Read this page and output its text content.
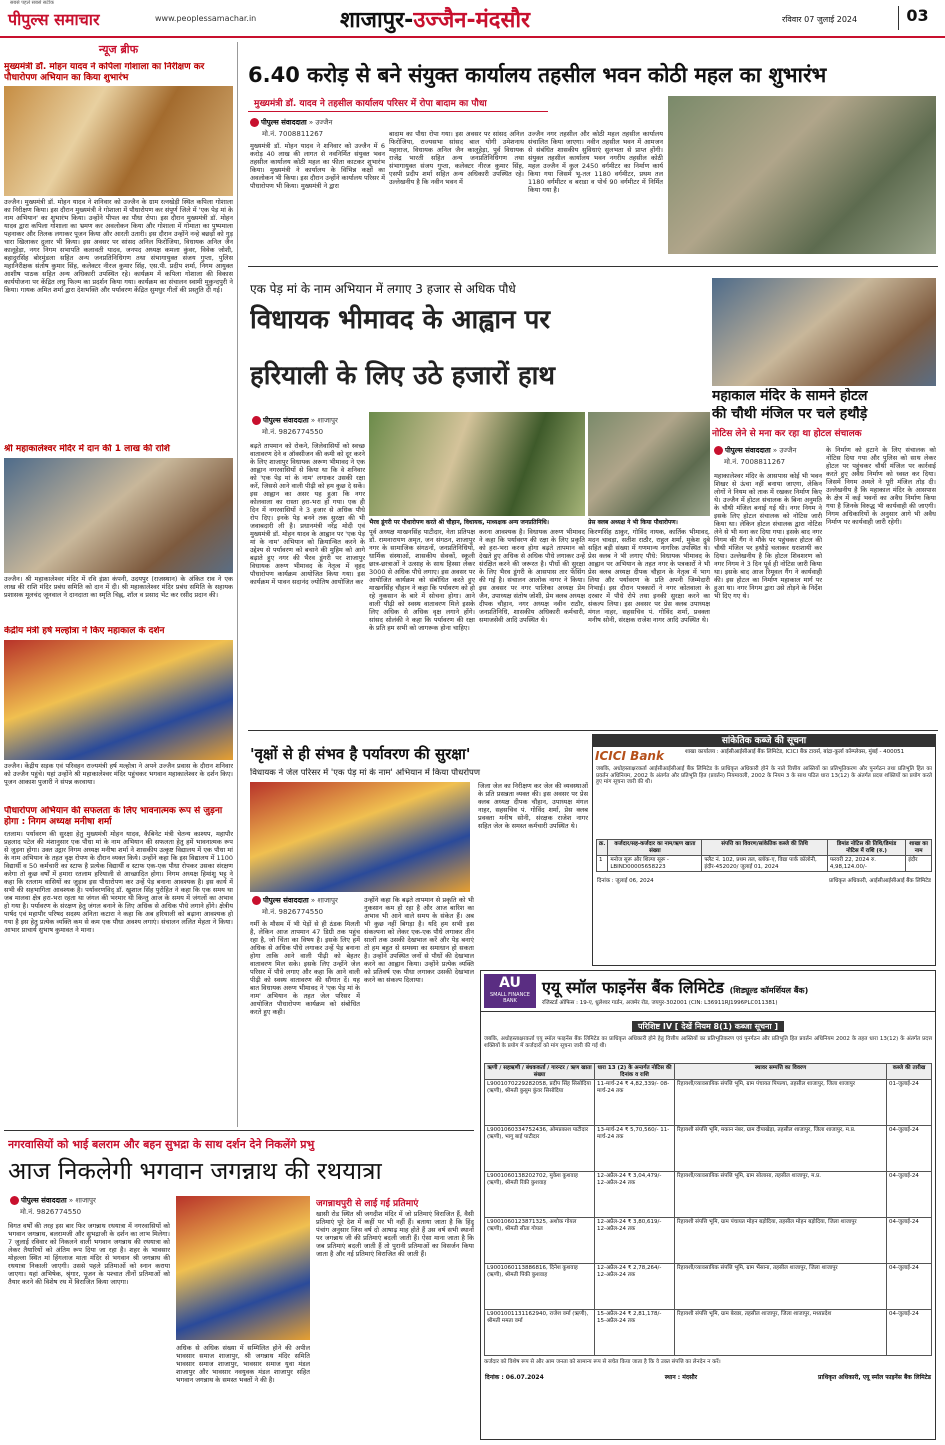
पीपुल्स समाचार
सबसे पहले सबसे सटीक
www.peoplessamachar.in	शाजापुर-उज्जैन-मंदसौर	रविवार 07 जुलाई 2024	03
न्यूज ब्रीफ
मुख्यमंत्री डॉ. मोहन यादव ने कपिला गोशाला का निरीक्षण कर पौधारोपण अभियान का किया शुभारंभ
उज्जैन। मुख्यमंत्री डॉ. मोहन यादव ने शनिवार को उज्जैन के ग्राम रत्नखेड़ी स्थित कपिला गोशाला का निरीक्षण किया। इस दौरान मुख्यमंत्री ने गोशाला में पौधारोपण कर संपूर्ण जिले में 'एक पेड़ मां के नाम अभियान' का शुभारंभ किया। उन्होंने पीपल का पौधा रोपा। इस दौरान मुख्यमंत्री डॉ. मोहन यादव द्वारा कपिला गोशाला का भ्रमण कर अवलोकन किया और गोशाला में गोमाता का पुष्पमाला पहनाकर और तिलक लगाकर पूजन किया और आरती उतारी। इस दौरान उन्होंने नन्हे बछड़ों को गुड़ चारा खिलाकर दुलार भी किया। इस अवसर पर सांसद अनिल फिरोजिया, विधायक अनिल जैन कालूहेड़ा, नगर निगम सभापति कलावती यादव, जनपद अध्यक्ष कमला कुंवर, विवेक जोशी, बहादुरसिंह बोरमुंडला सहित अन्य जनप्रतिनिधिगण तथा संभागायुक्त संजय गुप्ता, पुलिस महानिरीक्षक संतोष कुमार सिंह, कलेक्टर नीरज कुमार सिंह, एस.पी. प्रदीप शर्मा, निगम आयुक्त आशीष पाठक सहित अन्य अधिकारी उपस्थित रहे। कार्यक्रम में कपिला गोशाला की विकास कार्ययोजना पर केंद्रित लघु फिल्म का प्रदर्शन किया गया। कार्यक्रम का संचालन स्वामी मुकुन्दपुरी ने किया। गायक अमित शर्मा द्वारा देशभक्ति और पर्यावरण केंद्रित सुमधुर गीतों की प्रस्तुति दी गई।
श्री महाकालेश्वर मंदिर में दान की 1 लाख की राशि
उज्जैन। श्री महाकालेश्वर मंदिर में रवि इंफ्रा कंपनी, उदयपुर (राजस्थान) के अंकित राव ने एक लाख की राशि मंदिर प्रबंध समिति को दान में दी। श्री महाकालेश्वर मंदिर प्रबंध समिति के सहायक प्रशासक मूलचंद जूनवाल ने दानदाता का स्मृति चिह्न, शॉल व प्रसाद भेंट कर रसीद प्रदान की।
केंद्रीय मंत्री हर्ष मल्होत्रा ने किए महाकाल के दर्शन
उज्जैन। केंद्रीय सड़क एवं परिवहन राज्यमंत्री हर्ष मल्होत्रा ने अपने उज्जैन प्रवास के दौरान शनिवार को उज्जैन पहुंचे। यहां उन्होंने श्री महाकालेश्वर मंदिर पहुंचकर भगवान महाकालेश्वर के दर्शन किए। पूजन आकाश पुजारी ने संपन्न करवाया।
पौधारोपण अभियान की सफलता के लिए भावनात्मक रूप से जुड़ना होगा : निगम अध्यक्ष मनीषा शर्मा
रतलाम। पर्यावरण की सुरक्षा हेतु मुख्यमंत्री मोहन यादव, कैबिनेट मंत्री चेतन्य काश्यप, महापौर प्रहलाद पटेल की मंशानुसार एक पौधा मां के नाम अभियान की सफलता हेतु हमें भावनात्मक रूप से जुड़ना होगा। उक्त उद्गार निगम अध्यक्ष मनीषा शर्मा ने शासकीय उत्कृष्ट विद्यालय में एक पौधा मां के नाम अभियान के तहत वृक्ष रोपण के दौरान व्यक्त किये। उन्होंने कहा कि इस विद्यालय में 1100 विद्यार्थी व 50 कर्मचारी का स्टाफ है प्रत्येक विद्यार्थी व स्टाफ एक-एक पौधा रोपकर उसका संरक्षण करेगा तो कुछ वर्षों में हमारा रतलाम हरियाली से आच्छादित होगा। निगम अध्यक्ष हिमांशु भट्ट ने कहा कि रतलाम वासियों का जुड़ाव इस पौधारोपण कर उन्हें पेड़ बनाना आवश्यक है। इस कार्य में सभी की सहभागिता आवश्यक है। पर्यावरणविद् डॉ. खुशाल सिंह पुरोहित ने कहा कि एक समय था जब मालवा क्षेत्र हरा-भरा रहता था जंगल की भरमार थी किन्तु आज के समय में जंगलों का अभाव हो गया है। पर्यावरण के संरक्षण हेतु जंगल बनाने के लिए अधिक से अधिक पौधे लगाने होंगे। क्षेत्रीय पार्षद एवं महापौर परिषद सदस्य अनिता कटारा ने कहा कि अब हरियाली को बढ़ाना आवश्यक हो गया है इस हेतु प्रत्येक व्यक्ति कम से कम एक पौधा अवश्य लगाएं। संचालन ललित मेहता ने किया। आभार प्राचार्य सुभाष कुमावत ने माना।
6.40 करोड़ से बने संयुक्त कार्यालय तहसील भवन कोठी महल का शुभारंभ
मुख्यमंत्री डॉ. यादव ने तहसील कार्यालय परिसर में रोपा बादाम का पौधा
पीपुल्स संवाददाता » उज्जैन
मो.नं. 7008811267
मुख्यमंत्री डॉ. मोहन यादव ने शनिवार को उज्जैन में 6 करोड़ 40 लाख की लागत से नवनिर्मित संयुक्त भवन तहसील कार्यालय कोठी महल का फीता काटकर शुभारंभ किया। मुख्यमंत्री ने कार्यालय के विभिन्न कक्षों का अवलोकन भी किया। इस दौरान उन्होंने कार्यालय परिसर में पौधारोपण भी किया। मुख्यमंत्री ने द्वारा
बादाम का पौधा रोपा गया। इस अवसर पर सांसद अनिल फिरोजिया, राज्यसभा सांसद बाल योगी उमेशनाथ महाराज, विधायक अनिल जैन कालूहेड़ा, पूर्व विधायक राजेंद्र भारती सहित अन्य जनप्रतिनिधिगण तथा संभागायुक्त संजय गुप्ता, कलेक्टर नीरज कुमार सिंह, एसपी प्रदीप शर्मा सहित अन्य अधिकारी उपस्थित रहे। उल्लेखनीय है कि नवीन भवन में
उज्जैन नगर तहसील और कोठी महल तहसील कार्यालय संचालित किया जाएगा। नवीन तहसील भवन में आमजन से संबंधित शासकीय सुविधाएं सुलभता से प्राप्त होंगी। संयुक्त तहसील कार्यालय भवन नगरीय तहसील कोठी महल उज्जैन में कुल 2450 वर्गमीटर का निर्माण कार्य किया गया जिसमें भू-तल 1180 वर्गमीटर, प्रथम तल 1180 वर्गमीटर व बराडा व पोर्च 90 वर्गमीटर में निर्मित किया गया है।
एक पेड़ मां के नाम अभियान में लगाए 3 हजार से अधिक पौधे
विधायक भीमावद के आह्वान पर
हरियाली के लिए उठे हजारों हाथ
पीपुल्स संवाददाता » शाजापुर
मो.नं. 9826774550
बढ़ते तापमान को रोकने, जिलेवासियों को स्वच्छ वातावरण देने व ऑक्सीजन की कमी को दूर करने के लिए शाजापुर विधायक अरूण भीमावद ने एक आह्वान नगरवासियों से किया था कि वे शनिवार को 'एक पेड़ मां के नाम' लगाकर उसकी रक्षा करें, जिससे आने वाली पीढ़ी को हम कुछ दे सकें। इस आह्वान का असर यह हुआ कि नगर कोलवाला का रास्ता हरा-भरा हो गया। एक ही दिन में नगरवासियों ने 3 हजार से अधिक पौधे रोप दिए। इनके पेड़ बनने तक सुरक्षा की भी जवाबदारी ली है। प्रधानमंत्री नरेंद्र मोदी एवं मुख्यमंत्री डॉ. मोहन यादव के आह्वान पर 'एक पेड़ मां के नाम' अभियान को क्रियान्वित करने के उद्देश्य से पर्यावरण को बचाने की मुहिम को आगे बढ़ाते हुए नगर की भैरव डूंगरी पर शाजापुर विधायक अरुण भीमावद के नेतृत्व में वृहद पौधारोपण कार्यक्रम आयोजित किया गया। इस कार्यक्रम में पावन सदानंद ज्योतिष आयोजित कर
भैरव डूंगरी पर पौधारोपण करते श्री चौहान, विधायक, माध्यक्षक अन्य जनप्रतिनिधि।	प्रेस क्लब अध्यक्ष ने भी किया पौधारोपण।
पूर्व अध्यक्ष माखनसिंह पाटीदार, नेता प्रतिपक्ष डॉ. रामनारायण अमृत, जन संगठन, शाजापुर नगर के सामाजिक संगठनों, जनप्रतिनिधियों, धार्मिक संस्थाओं, शासकीय सेवकों, स्कूली छात्र-छात्राओं ने उत्साह के साथ हिस्सा लेकर 3000 से अधिक पौधे लगाए। इस अवसर पर आयोजित कार्यक्रम को संबोधित करते हुए माखनसिंह चौहान ने कहा कि पर्यावरण को हो रहे नुकसान के बारे में सोचना होगा। आने वाली पीढ़ी को स्वस्थ वातावरण मिले इसके लिए अधिक से अधिक वृक्ष लगाने होंगे। सांसद सोलंकी ने कहा कि पर्यावरण की रक्षा के प्रति हम सभी को जागरूक होना चाहिए।
करना आवश्यक है। विधायक अरुण भीमावद ने कहा कि पर्यावरण की रक्षा के लिए प्रकृति को हरा-भरा करना होगा बढ़ते तापमान को देखते हुए अधिक से अधिक पौधे लगाकर उन्हें संरक्षित करने की जरूरत है। पौधों की सुरक्षा के लिए भैरव डूंगरी के आसपास तार फेंसिंग की गई है। संचालन आलोक नागर ने किया। इस अवसर पर नगर पालिका अध्यक्ष प्रेम जैन, उपाध्यक्ष संतोष जोशी, प्रेम क्लब अध्यक्ष दीपक चौहान, नगर अध्यक्ष नवीन राठौर, जनप्रतिनिधि, शासकीय अधिकारी कर्मचारी, समाजसेवी आदि उपस्थित थे।
किरणसिंह ठाकुर, गोविंद नायक, कार्तिक भीमावद, मदन चावड़ा, सतीश राठौर, राहुल शर्मा, मुकेश दुबे सहित बड़ी संख्या में गणमान्य नागरिक उपस्थित थे। प्रेस क्लब ने भी लगाए पौधे: विधायक भीमावद के आह्वान पर अभियान के तहत नगर के पत्रकारों ने भी प्रेस क्लब अध्यक्ष दीपक चौहान के नेतृत्व में भाग लिया और पर्यावरण के प्रति अपनी जिम्मेदारी निभाई। इस दौरान पत्रकारों ने नगर कोतवाला के दरबार में पौधे रोपे तथा इनकी सुरक्षा करने का संकल्प लिया। इस अवसर पर प्रेस क्लब उपाध्यक्ष मंगल नाहर, सहसचिव पं. गोविंद शर्मा, प्रवक्ता मनीष सोनी, संरक्षक राजेश नागर आदि उपस्थित थे।
महाकाल मंदिर के सामने होटल
की चौथी मंजिल पर चले हथौड़े
नोटिस लेने से मना कर रहा था होटल संचालक
पीपुल्स संवाददाता » उज्जैन
मो.नं. 7008811267
महाकालेश्वर मंदिर के आसपास कोई भी भवन शिखर से ऊंचा नहीं बनाया जाएगा, लेकिन लोगों ने नियम को ताक में रखकर निर्माण किए थे। उज्जैन में होटल संचालक के बिना अनुमति के चौथी मंजिल बनाई गई थी। नगर निगम ने इसके लिए होटल संचालक को नोटिस जारी किया था। लेकिन होटल संचालक द्वारा नोटिस लेने से भी मना कर दिया गया। इसके बाद नगर निगम की गैंग ने मौके पर पहुंचकर होटल की चौथी मंजिल पर हथौड़े चलाकर धराशायी कर दिया। उल्लेखनीय है कि होटल शिवशरण को नगर निगम ने 3 दिन पूर्व ही नोटिस जारी किया था। इसके बाद आज रिमूवल गैंग ने कार्यवाही की। इस होटल का निर्माण महाकाल मार्ग पर हुआ था। नगर निगम द्वारा उसे तोड़ने के निर्देश भी दिए गए थे।
के निर्माण को हटाने के लिए संचालक को नोटिस दिया गया और पुलिस को साथ लेकर होटल पर पहुंचकर चौथी मंजिल पर कार्रवाई करते हुए अवैध निर्माण को ध्वस्त कर दिया। जिसमें निगम अमले ने पूरी मंजिल तोड़ दी। उल्लेखनीय है कि महाकाल मंदिर के आसपास के क्षेत्र में कई भवनों का अवैध निर्माण किया गया है जिनके विरुद्ध भी कार्यवाही की जाएगी। निगम अधिकारियों के अनुसार आगे भी अवैध निर्माण पर कार्यवाही जारी रहेगी।
'वृक्षों से ही संभव है पर्यावरण की सुरक्षा'
विधायक ने जेल परिसर में 'एक पेड़ मां के नाम' अभियान में किया पौधरोपण
पीपुल्स संवाददाता » शाजापुर
मो.नं. 9826774550
गर्मी के मौसम में भी पेड़ों से ही ठंडक मिलती है, लेकिन आज तापमान 47 डिग्री तक पहुंच रहा है, जो चिंता का विषय है। इसके लिए हमें अधिक से अधिक पौधे लगाकर उन्हें पेड़ बनाना होगा ताकि आने वाली पीढ़ी को बेहतर वातावरण मिल सके। इसके लिए उन्होंने जेल परिसर में पौधे लगाए और कहा कि आने वाली पीढ़ी को स्वस्थ वातावरण की सौगात दें। यह बात विधायक अरुण भीमावद ने 'एक पेड़ मां के नाम' अभियान के तहत जेल परिसर में आयोजित पौधारोपण कार्यक्रम को संबोधित करते हुए कही।
उन्होंने कहा कि बढ़ते तापमान से प्रकृति को भी नुकसान कम हो रहा है और आज बारिश का अभाव भी आने वाले समय के संकेत हैं। अब भी कुछ नहीं बिगड़ा है। यदि हम सभी इस संकल्पना को लेकर एक-एक पौधे लगाकर तीन सालों तक उसकी देखभाल करें और पेड़ बनाएं तो हम बहुत से समस्या का समाधान हो सकता है। उन्होंने उपस्थित जनों से पौधों की देखभाल करने का आह्वान किया। उन्होंने प्रत्येक व्यक्ति को प्रतिवर्ष एक पौधा लगाकर उसकी देखभाल करने का संकल्प दिलाया।
जिला जेल का निरीक्षण कर जेल की व्यवस्थाओं के प्रति प्रसन्नता व्यक्त की। इस अवसर पर प्रेस क्लब अध्यक्ष दीपक चौहान, उपाध्यक्ष मंगल नाहर, सहसचिव पं. गोविंद शर्मा, प्रेस क्लब प्रवक्ता मनीष सोनी, संरक्षक राजेश नागर सहित जेल के समस्त कर्मचारी उपस्थित थे।
सांकेतिक कब्जे की सूचना
ICICI Bank	शाखा कार्यालय : आईसीआईसीआई बैंक लिमिटेड, ICICI बैंक टावर्स, बांद्रा-कुर्ला कॉम्प्लेक्स, मुंबई - 400051
जबकि, अधोहस्ताक्षरकर्ता आईसीआईसीआई बैंक लिमिटेड के प्राधिकृत अधिकारी होने के नाते वित्तीय आस्तियों का प्रतिभूतिकरण और पुनर्गठन तथा प्रतिभूति हित का प्रवर्तन अधिनियम, 2002 के अंतर्गत और प्रतिभूति हित (प्रवर्तन) नियमावली, 2002 के नियम 3 के साथ पठित धारा 13(12) के अंतर्गत प्रदत्त शक्तियों का प्रयोग करते हुए मांग सूचना जारी की थी।
क्र.	कर्जदार/सह-कर्जदार का नाम/ऋण खाता संख्या	संपत्ति का विवरण/सांकेतिक कब्जे की तिथि	डिमांड नोटिस की तिथि/डिमांड नोटिस में राशि (रु.)	शाखा का नाम
1	मनोज सूरू और शिल्पा सूरू - LBIND00005658223	फ्लैट नं. 102, प्रथम तल, ब्लॉक-ए, विद्या पार्क कॉलोनी, इंदौर-452020/ जुलाई 01, 2024	फरवरी 22, 2024 रु. 4,98,124.00/-	इंदौर
दिनांक : जुलाई 06, 2024	प्राधिकृत अधिकारी, आईसीआईसीआई बैंक लिमिटेड
नगरवासियों को भाई बलराम और बहन सुभद्रा के साथ दर्शन देने निकलेंगे प्रभु
आज निकलेगी भगवान जगन्नाथ की रथयात्रा
पीपुल्स संवाददाता » शाजापुर
मो.नं. 9826774550
विगत वर्षों की तरह इस बार फिर जगन्नाथ रथयात्रा में नगरवासियों को भगवान जगन्नाथ, बलरामजी और सुभद्राजी के दर्शन का लाभ मिलेगा। 7 जुलाई रविवार को निकलने वाली भगवान जगन्नाथ की रथयात्रा को लेकर तैयारियों को अंतिम रूप दिया जा रहा है। शहर के भावसार मोहल्ला स्थित मां हिंगलाज माता मंदिर से भगवान श्री जगन्नाथ की रथयात्रा निकाली जाएगी। उससे पहले प्रतिमाओं को स्नान कराया जाएगा। यहां अभिषेक, श्रृंगार, पूजन के पश्चात तीनों प्रतिमाओं को तैयार करने की विशेष रथ में विराजित किया जाएगा।
अधिक से अधिक संख्या में सम्मिलित होने की अपील भावसार समाज शाजापुर, श्री जगन्नाथ मंदिर समिति भावसार समाज शाजापुर, भावसार समाज युवा मंडल शाजापुर और भावसार नवयुवक मंडल शाजापुर सहित भगवान जगन्नाथ के समस्त भक्तों ने की है।
जगन्नाथपुरी से लाई गई प्रतिमाएं
खासी रोड स्थित श्री जगदीश मंदिर में जो प्रतिमाएं विराजित हैं, वैसी प्रतिमाएं पूरे देश में कहीं पर भी नहीं हैं। बताया जाता है कि हिंदू पंचांग अनुसार जिस वर्ष दो आषाढ़ माह होते हैं उस वर्ष सभी स्थानों पर जगन्नाथ जी की प्रतिमाएं बदली जाती हैं। ऐसा माना जाता है कि जब प्रतिमाएं बदली जाती हैं तो पुरानी प्रतिमाओं का विसर्जन किया जाता है और नई प्रतिमाएं विराजित की जाती हैं।
AU
SMALL FINANCE BANK
एयू स्मॉल फाइनेंस बैंक लिमिटेड (शिड्यूल्ड कॉमर्शियल बैंक)
रजिस्टर्ड ऑफिस : 19-ए, धुलेश्वर गार्डन, अजमेर रोड, जयपुर-302001 (CIN: L36911RJ1996PLC011381)
परिशिष्ट IV [ देखें नियम 8(1) कब्जा सूचना ]
जबकि, अधोहस्ताक्षरकर्ता एयू स्मॉल फाइनेंस बैंक लिमिटेड का प्राधिकृत अधिकारी होने हेतु वित्तीय आस्तियों का प्रतिभूतिकरण एवं पुनर्गठन और प्रतिभूति हित प्रवर्तन अधिनियम 2002 के तहत धारा 13(12) के अंतर्गत प्रदत्त शक्तियों के प्रयोग में कर्जदारों को मांग सूचना जारी की गई थी।
ऋणी / सहऋणी / बंधककर्ता / गारन्टर / ऋण खाता संख्या	धारा 13 (2) के अन्तर्गत नोटिस की दिनांक व राशि	स्थावर सम्पत्ति का विवरण	कब्जे की तारीख
L9001070229282058, प्रदीप सिंह सिसोदिया (ऋणी), श्रीमती कुसुम कुंवर सिसोदिया	11-मार्च-24 ₹ 4,82,339/- 08-मार्च-24 तक	रिहायशी/व्यावसायिक संपत्ति भूमि, ग्राम पंचायत पिपल्या, तहसील शाजापुर, जिला शाजापुर	01-जुलाई-24
L9001060334752436, ओमप्रकाश पाटीदार (ऋणी), भागु बाई पाटीदार	13-मार्च-24 ₹ 5,70,560/- 11-मार्च-24 तक	रिहायशी संपत्ति भूमि, मकान नंबर, ग्राम दीपाखेड़ा, तहसील शाजापुर, जिला शाजापुर, म.प्र.	04-जुलाई-24
L9001060138202702, मुकेश कुशवाह (ऋणी), श्रीमती रिंकी कुशवाह	12-अप्रैल-24 ₹ 3,04,479/- 12-अप्रैल-24 तक	रिहायशी/व्यावसायिक संपत्ति भूमि, ग्राम सोलासा, तहसील शाजापुर, म.प्र.	04-जुलाई-24
L9001060123871325, अशोक गोयल (ऋणी), श्रीमती सीता गोयल	12-अप्रैल-24 ₹ 3,80,619/- 12-अप्रैल-24 तक	रिहायशी संपत्ति भूमि, ग्राम पंचायत मोहन बड़ोदिया, तहसील मोहन बड़ोदिया, जिला शाजापुर	04-जुलाई-24
L9001060113886816, दिनेश कुशवाह (ऋणी), श्रीमती पिंकी कुशवाह	12-अप्रैल-24 ₹ 2,78,264/- 12-अप्रैल-24 तक	रिहायशी/व्यावसायिक संपत्ति भूमि, ग्राम भैंसाना, तहसील शाजापुर, जिला शाजापुर	04-जुलाई-24
L9001001131162940, राजेश वर्मा (ऋणी), श्रीमती ममता वर्मा	15-अप्रैल-24 ₹ 2,81,178/- 15-अप्रैल-24 तक	रिहायशी संपत्ति भूमि, ग्राम बेरछा, तहसील शाजापुर, जिला शाजापुर, मध्यप्रदेश	04-जुलाई-24
कर्जदार को विशेष रूप से और आम जनता को सामान्य रूप से सचेत किया जाता है कि वे उक्त संपत्ति का लेनदेन न करें।
दिनांक : 06.07.2024	स्थान : मंदसौर	प्राधिकृत अधिकारी, एयू स्मॉल फाइनेंस बैंक लिमिटेड
